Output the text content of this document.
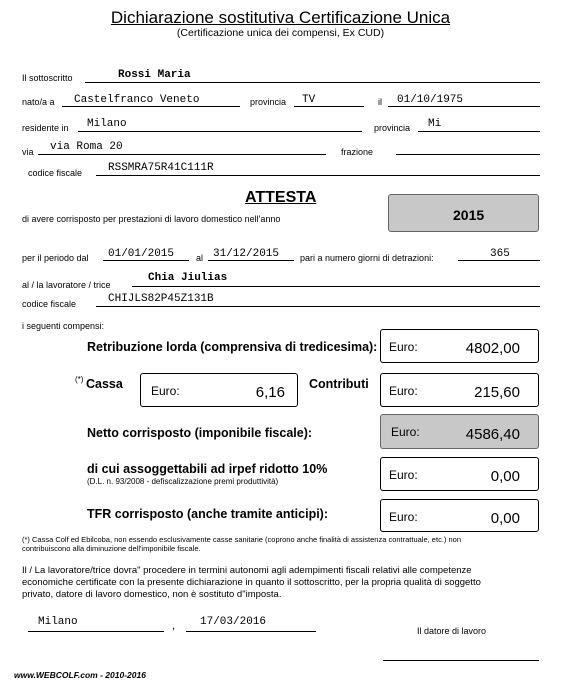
Dichiarazione sostitutiva Certificazione Unica
(Certificazione unica dei compensi, Ex CUD)
Il sottoscritto	Rossi Maria
nato/a a Castelfranco Veneto	provincia TV	il 01/10/1975
residente in Milano	provincia Mi
via via Roma 20	frazione
codice fiscale RSSMRA75R41C111R
ATTESTA
di avere corrisposto per prestazioni di lavoro domestico nell'anno	2015
per il periodo dal 01/01/2015 al 31/12/2015 pari a numero giorni di detrazioni:	365
al / la lavoratore / trice
Chia Jiulias
codice fiscale	CHIJLS82P45Z131B
i seguenti compensi:
Retribuzione lorda (comprensiva di tredicesima): Euro:	4802,00
(*) Cassa Euro:	6,16 Contributi Euro:	215,60
Netto corrisposto (imponibile fiscale):	Euro:	4586,40
di cui assoggettabili ad irpef ridotto 10%
(D.L. n. 93/2008 - defiscalizzazione premi produttività)	Euro:	0,00
TFR corrisposto (anche tramite anticipi):	Euro:	0,00
(*) Cassa Colf ed Ebilcoba, non essendo esclusivamente casse sanitarie (coprono anche finalità di assistenza contrattuale, etc.) non
contribuiscono alla diminuzione dell'imponibile fiscale.
Il / La lavoratore/trice dovra" procedere in termini autonomi agli adempimenti fiscali relativi alle competenze
economiche certificate con la presente dichiarazione in quanto il sottoscritto, per la propria qualità di soggetto
privato, datore di lavoro domestico, non è sostituto d"imposta.
Milano	, 17/03/2016
Il datore di lavoro
www.WEBCOLF.com - 2010-2016
